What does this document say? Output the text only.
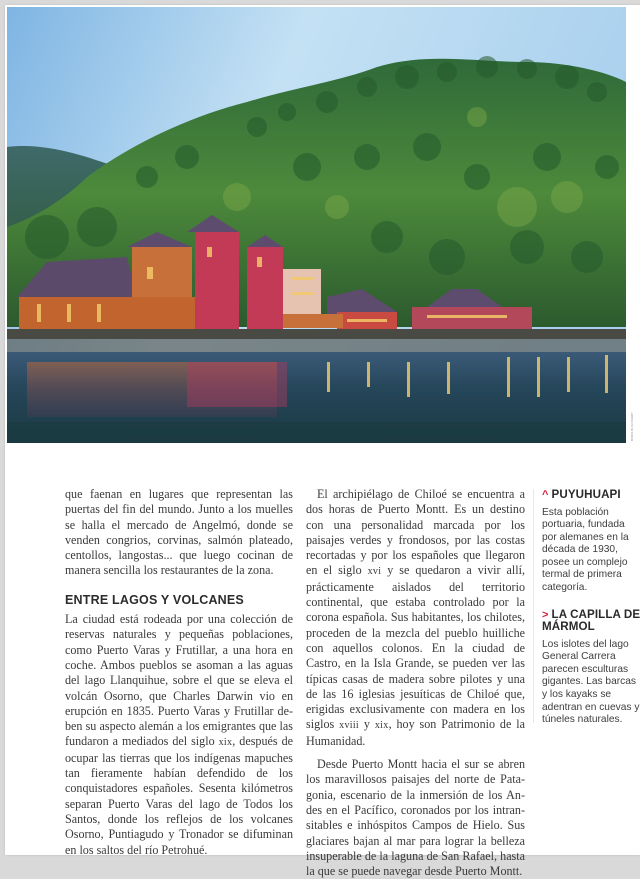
BORIS BUSCHARDT

que faenan en lugares que representan las puertas del fin del mundo. Junto a los muelles se halla el mercado de Angelmó, donde se venden congrios, corvinas, salmón plateado, centollos, langostas... que luego cocinan de manera sencilla los restaurantes de la zona.

ENTRE LAGOS Y VOLCANES

La ciudad está rodeada por una colección de reservas naturales y pequeñas poblaciones, como Puerto Varas y Frutillar, a una hora en coche. Ambos pueblos se asoman a las aguas del lago Llanquihue, sobre el que se eleva el volcán Osorno, que Charles Darwin vio en erupción en 1835. Puerto Varas y Frutillar deben su aspecto alemán a los emigrantes que las fundaron a mediados del siglo xix, después de ocupar las tierras que los indígenas mapuches tan fieramente habían defendido de los conquistadores españoles. Sesenta kilómetros separan Puerto Varas del lago de Todos los Santos, donde los reflejos de los volcanes Osorno, Puntiagudo y Tronador se difuminan en los saltos del río Petrohué.

El archipiélago de Chiloé se encuentra a dos horas de Puerto Montt. Es un destino con una personalidad marcada por los paisajes verdes y frondosos, por las costas recortadas y por los españoles que llegaron en el siglo xvi y se quedaron a vivir allí, prácticamente aislados del territorio continental, que estaba controlado por la corona española. Sus habitantes, los chilotes, proceden de la mezcla del pueblo huilliche con aquellos colonos. En la ciudad de Castro, en la Isla Grande, se pueden ver las típicas casas de madera sobre pilotes y una de las 16 iglesias jesuíticas de Chiloé que, erigidas exclusivamente con madera en los siglos xviii y xix, hoy son Patrimonio de la Humanidad.

Desde Puerto Montt hacia el sur se abren los maravillosos paisajes del norte de Patagonia, escenario de la inmersión de los Andes en el Pacífico, coronados por los intransitables e inhóspitos Campos de Hielo. Sus glaciares bajan al mar para lograr la belleza insuperable de la laguna de San Rafael, hasta la que se puede navegar desde Puerto Montt.

^ PUYUHUAPI
Esta población portuaria, fundada por alemanes en la década de 1930, posee un complejo termal de primera categoría.
> LA CAPILLA DE MÁRMOL
Los islotes del lago General Carrera parecen esculturas gigantes. Las barcas y los kayaks se adentran en cuevas y túneles naturales.
